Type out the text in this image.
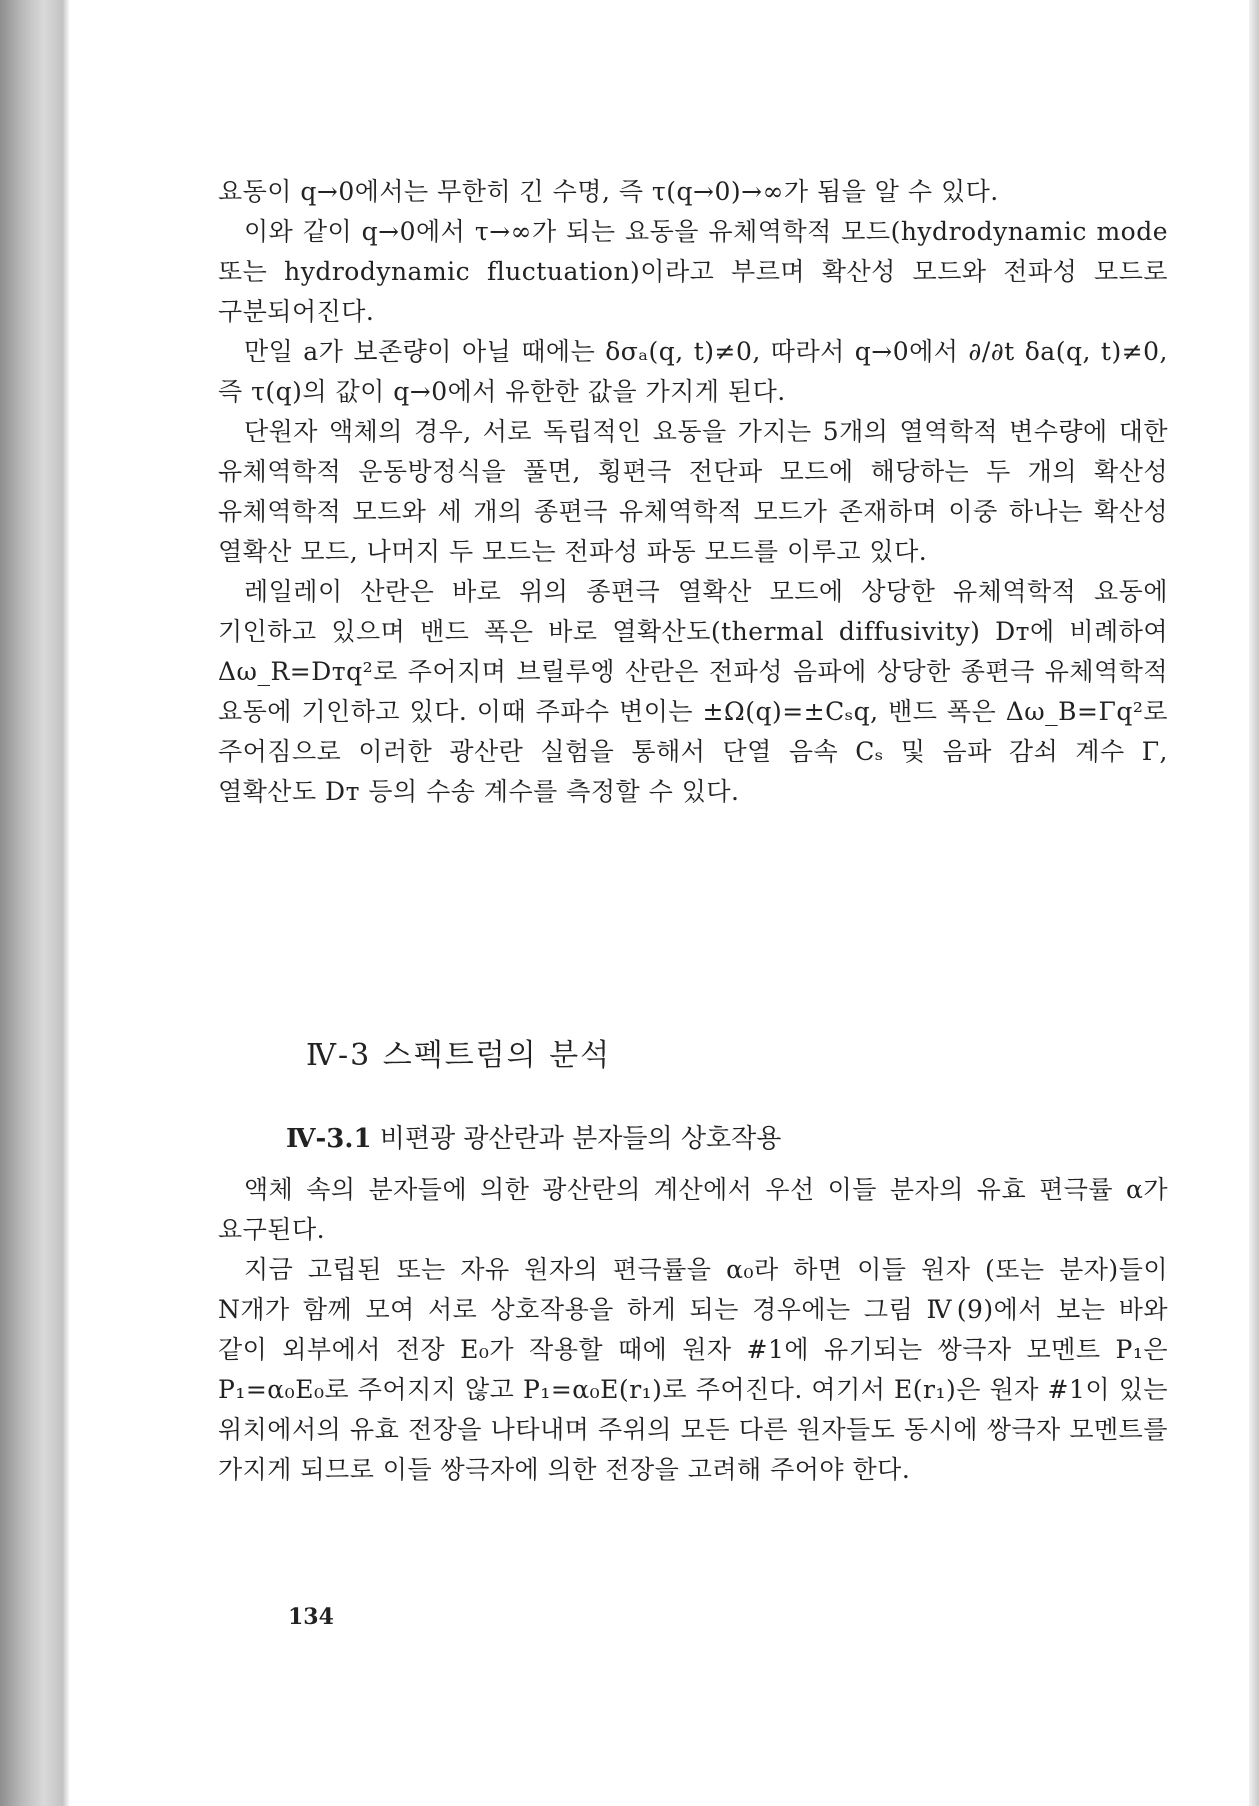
요동이 q→0에서는 무한히 긴 수명, 즉 τ(q→0)→∞가 됨을 알 수 있다.

이와 같이 q→0에서 τ→∞가 되는 요동을 유체역학적 모드(hydrodynamic mode 또는 hydrodynamic fluctuation)이라고 부르며 확산성 모드와 전파성 모드로 구분되어진다.

만일 a가 보존량이 아닐 때에는 δσₐ(q, t)≠0, 따라서 q→0에서 ∂/∂t δa(q, t)≠0, 즉 τ(q)의 값이 q→0에서 유한한 값을 가지게 된다.

단원자 액체의 경우, 서로 독립적인 요동을 가지는 5개의 열역학적 변수량에 대한 유체역학적 운동방정식을 풀면, 횡편극 전단파 모드에 해당하는 두 개의 확산성 유체역학적 모드와 세 개의 종편극 유체역학적 모드가 존재하며 이중 하나는 확산성 열확산 모드, 나머지 두 모드는 전파성 파동 모드를 이루고 있다.

레일레이 산란은 바로 위의 종편극 열확산 모드에 상당한 유체역학적 요동에 기인하고 있으며 밴드 폭은 바로 열확산도(thermal diffusivity) Dᴛ에 비례하여 Δω_R=Dᴛq²로 주어지며 브릴루엥 산란은 전파성 음파에 상당한 종편극 유체역학적 요동에 기인하고 있다. 이때 주파수 변이는 ±Ω(q)=±Cₛq, 밴드 폭은 Δω_B=Γq²로 주어짐으로 이러한 광산란 실험을 통해서 단열 음속 Cₛ 및 음파 감쇠 계수 Γ, 열확산도 Dᴛ 등의 수송 계수를 측정할 수 있다.

Ⅳ-3 스펙트럼의 분석
Ⅳ-3.1 비편광 광산란과 분자들의 상호작용

액체 속의 분자들에 의한 광산란의 계산에서 우선 이들 분자의 유효 편극률 α가 요구된다.

지금 고립된 또는 자유 원자의 편극률을 α₀라 하면 이들 원자 (또는 분자)들이 N개가 함께 모여 서로 상호작용을 하게 되는 경우에는 그림 Ⅳ(9)에서 보는 바와 같이 외부에서 전장 E₀가 작용할 때에 원자 #1에 유기되는 쌍극자 모멘트 P₁은 P₁=α₀E₀로 주어지지 않고 P₁=α₀E(r₁)로 주어진다. 여기서 E(r₁)은 원자 #1이 있는 위치에서의 유효 전장을 나타내며 주위의 모든 다른 원자들도 동시에 쌍극자 모멘트를 가지게 되므로 이들 쌍극자에 의한 전장을 고려해 주어야 한다.

134
